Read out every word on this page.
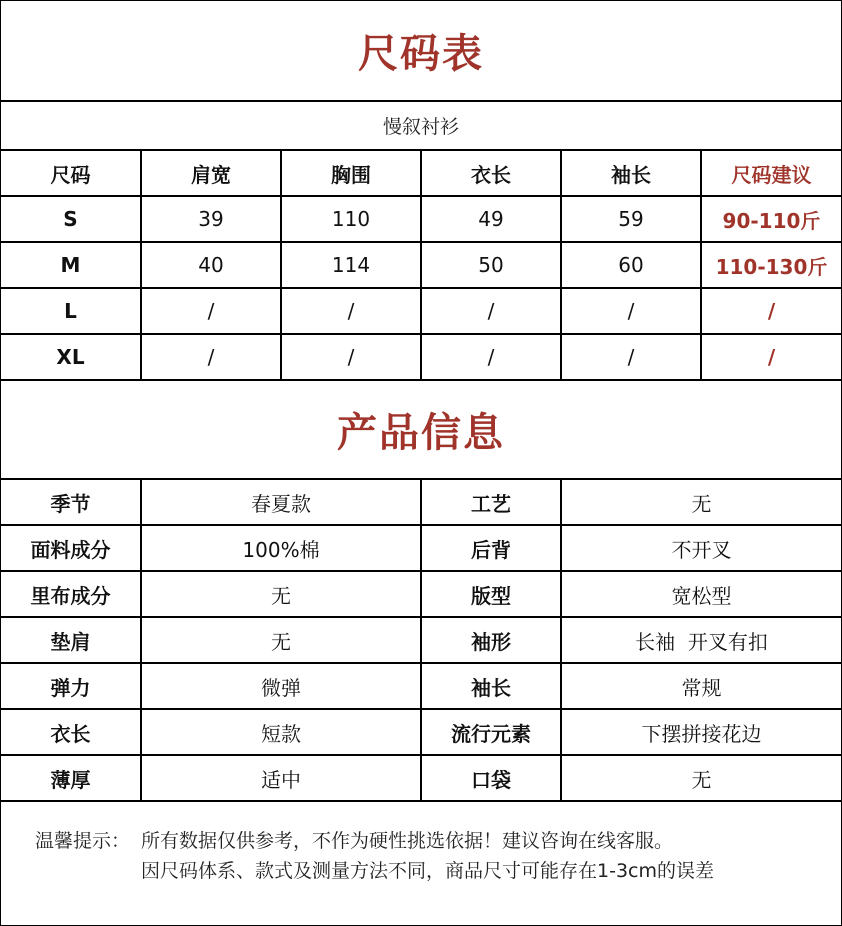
尺码表
慢叙衬衫
尺码	肩宽	胸围	衣长	袖长	尺码建议
S	39	110	49	59	90-110斤
M	40	114	50	60	110-130斤
L	/	/	/	/	/
XL	/	/	/	/	/
产品信息
季节	春夏款	工艺	无
面料成分	100%棉	后背	不开叉
里布成分	无	版型	宽松型
垫肩	无	袖形	长袖  开叉有扣
弹力	微弹	袖长	常规
衣长	短款	流行元素	下摆拼接花边
薄厚	适中	口袋	无
温馨提示： 所有数据仅供参考，不作为硬性挑选依据！建议咨询在线客服。
因尺码体系、款式及测量方法不同，商品尺寸可能存在1-3cm的误差
